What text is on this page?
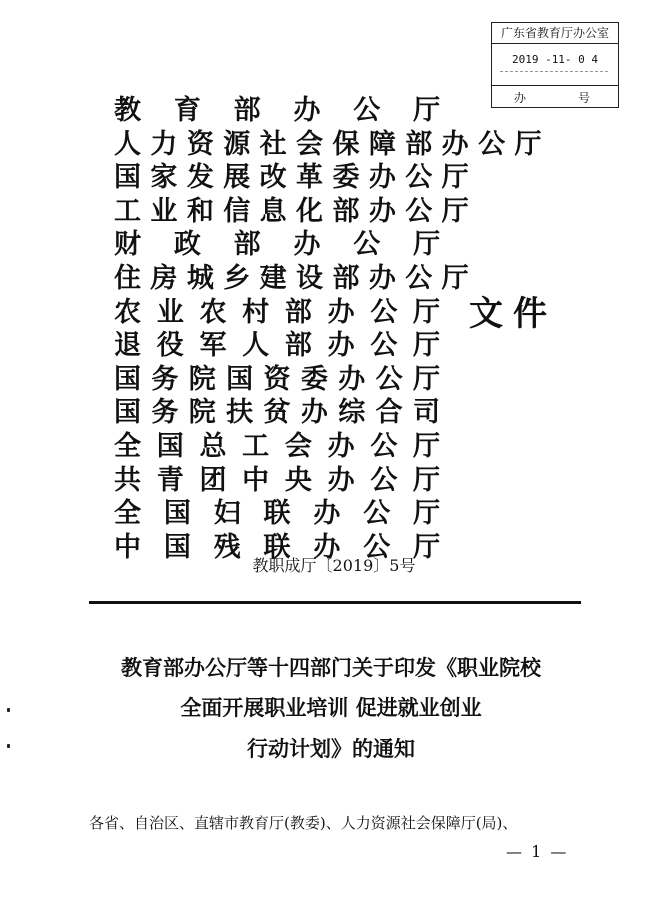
广东省教育厅办公室
2019 -11- 0 4
办	号
教 育 部 办 公 厅
人 力 资 源 社 会 保 障 部 办 公 厅
国 家 发 展 改 革 委 办 公 厅
工 业 和 信 息 化 部 办 公 厅
财 政 部 办 公 厅
住 房 城 乡 建 设 部 办 公 厅
农 业 农 村 部 办 公 厅
退 役 军 人 部 办 公 厅
国 务 院 国 资 委 办 公 厅
国 务 院 扶 贫 办 综 合 司
全 国 总 工 会 办 公 厅
共 青 团 中 央 办 公 厅
全 国 妇 联 办 公 厅
中 国 残 联 办 公 厅
文件
教职成厅〔2019〕5号
教育部办公厅等十四部门关于印发《职业院校
全面开展职业培训 促进就业创业
行动计划》的通知
各省、自治区、直辖市教育厅(教委)、人力资源社会保障厅(局)、
— 1 —
